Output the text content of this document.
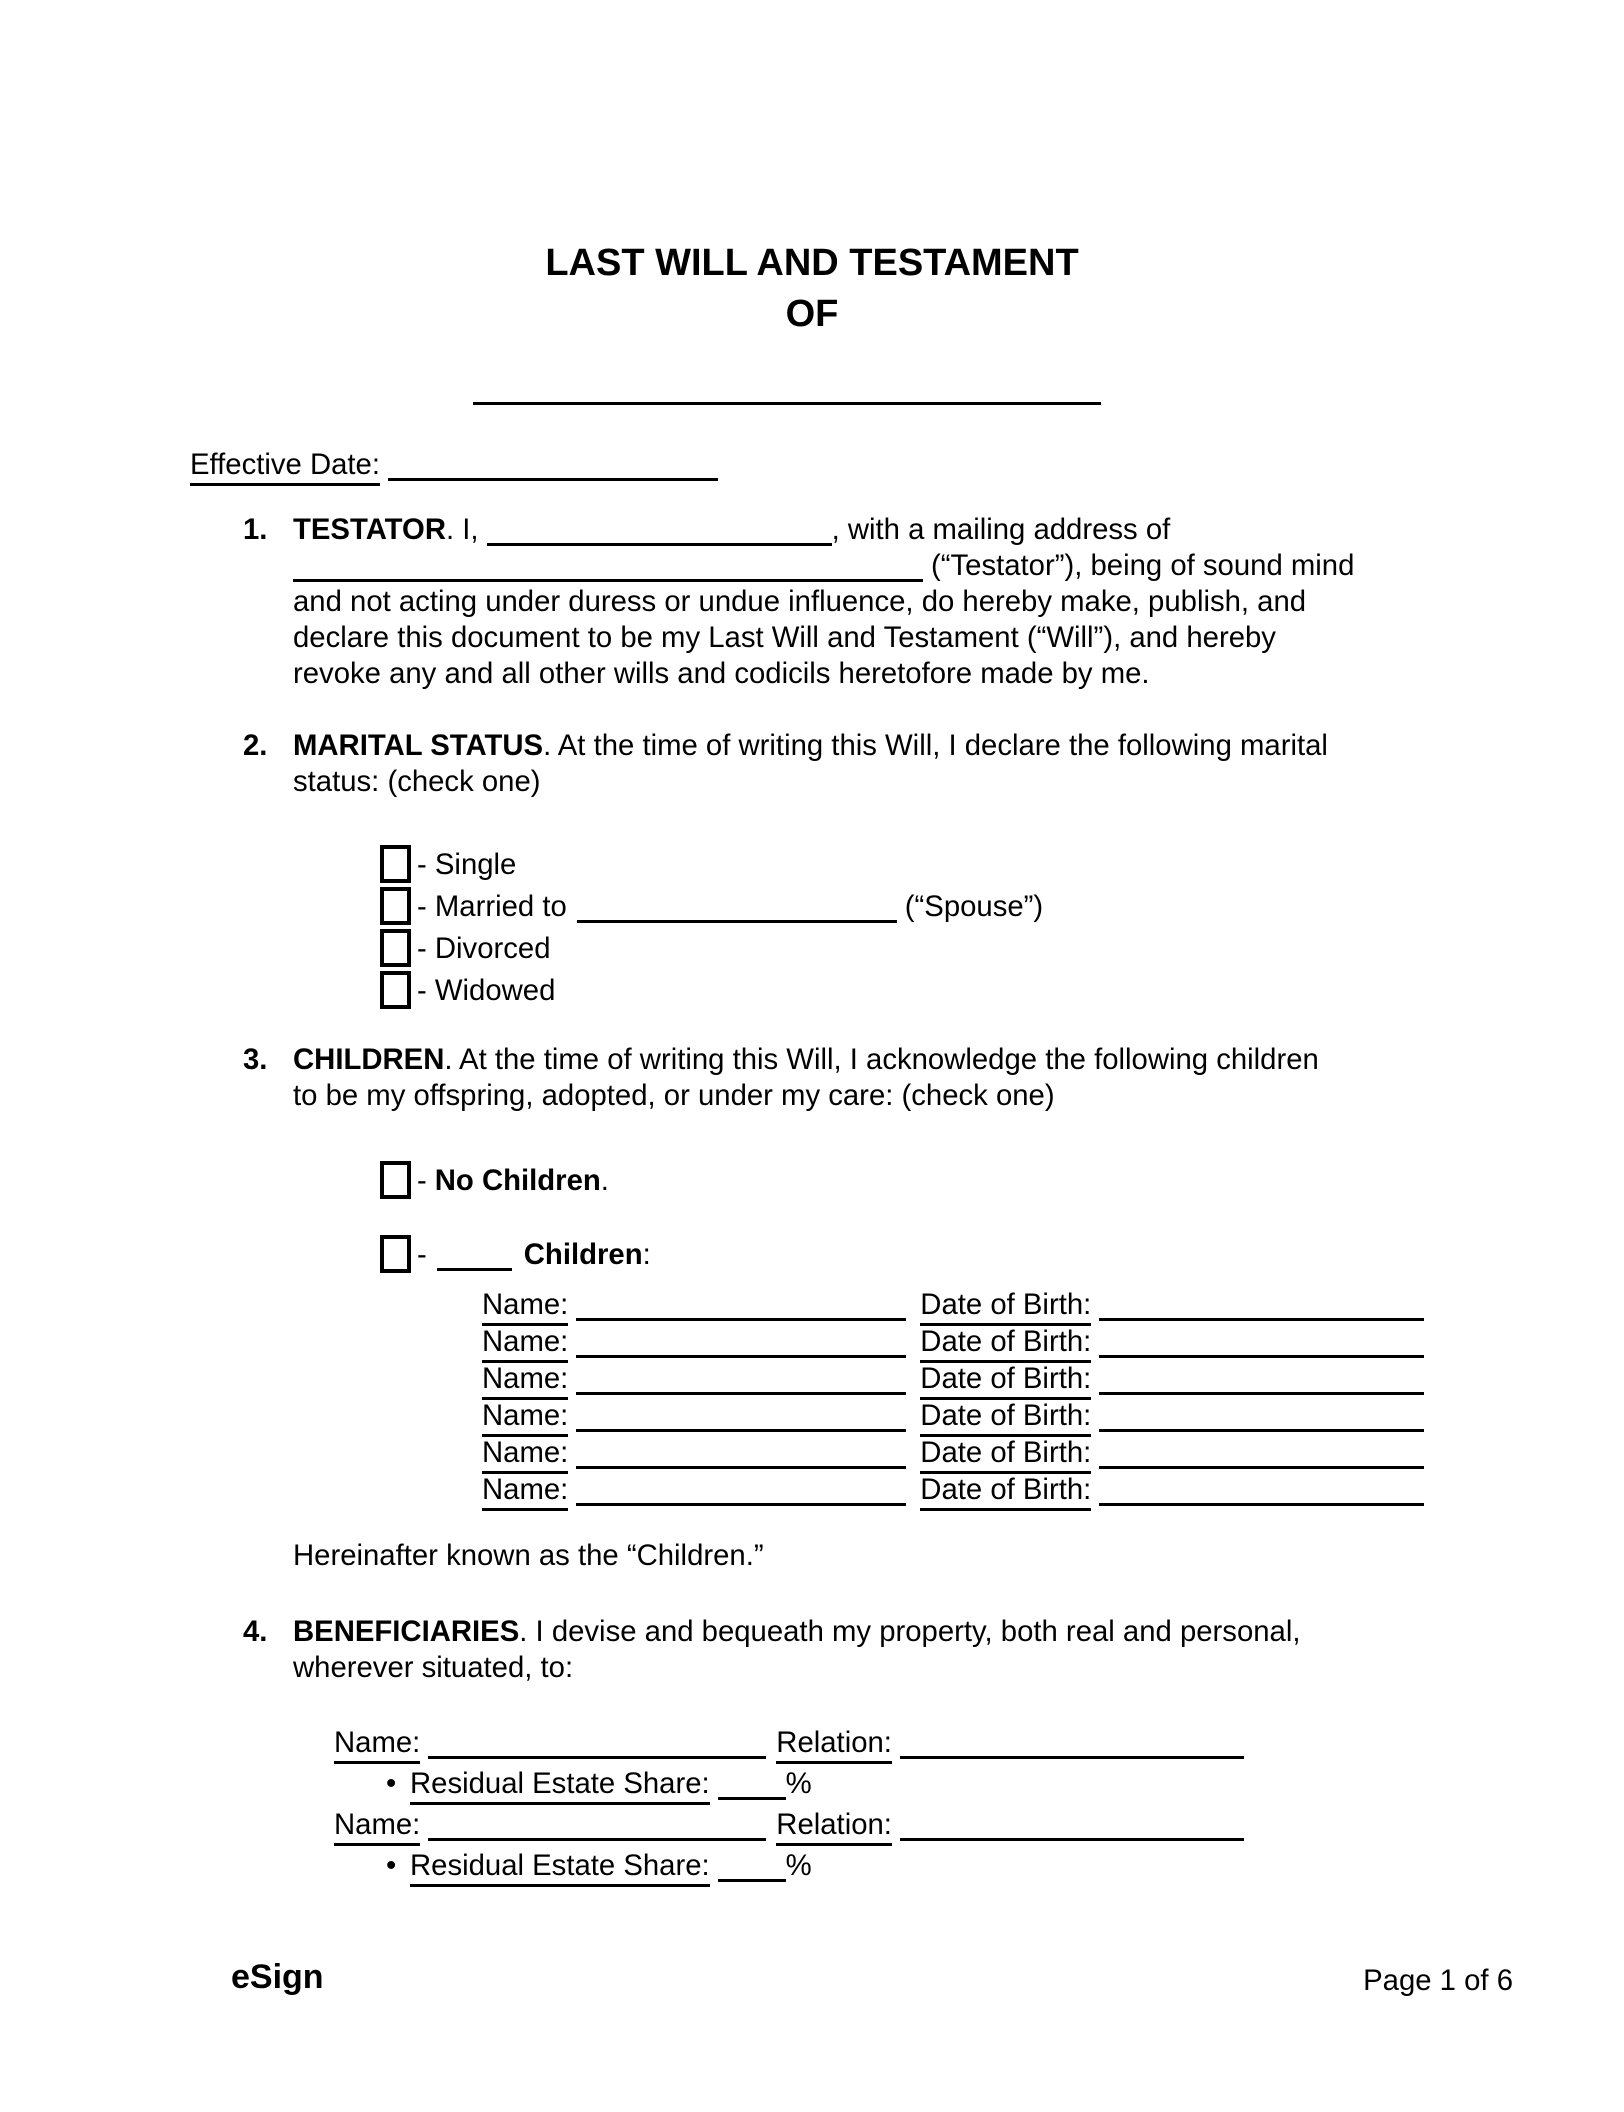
LAST WILL AND TESTAMENT
OF
Effective Date:
1. TESTATOR. I,	, with a mailing address of
(“Testator”), being of sound mind
and not acting under duress or undue influence, do hereby make, publish, and
declare this document to be my Last Will and Testament (“Will”), and hereby
revoke any and all other wills and codicils heretofore made by me.
2. MARITAL STATUS. At the time of writing this Will, I declare the following marital
status: (check one)
- Single
- Married to	(“Spouse”)
- Divorced
- Widowed
3. CHILDREN. At the time of writing this Will, I acknowledge the following children
to be my offspring, adopted, or under my care: (check one)
- No Children.
-	Children:
Name:	Date of Birth:
Name:	Date of Birth:
Name:	Date of Birth:
Name:	Date of Birth:
Name:	Date of Birth:
Name:	Date of Birth:
Hereinafter known as the “Children.”
4. BENEFICIARIES. I devise and bequeath my property, both real and personal,
wherever situated, to:
Name:	Relation:
• Residual Estate Share:	%
Name:	Relation:
• Residual Estate Share:	%
eSign	Page 1 of 6
